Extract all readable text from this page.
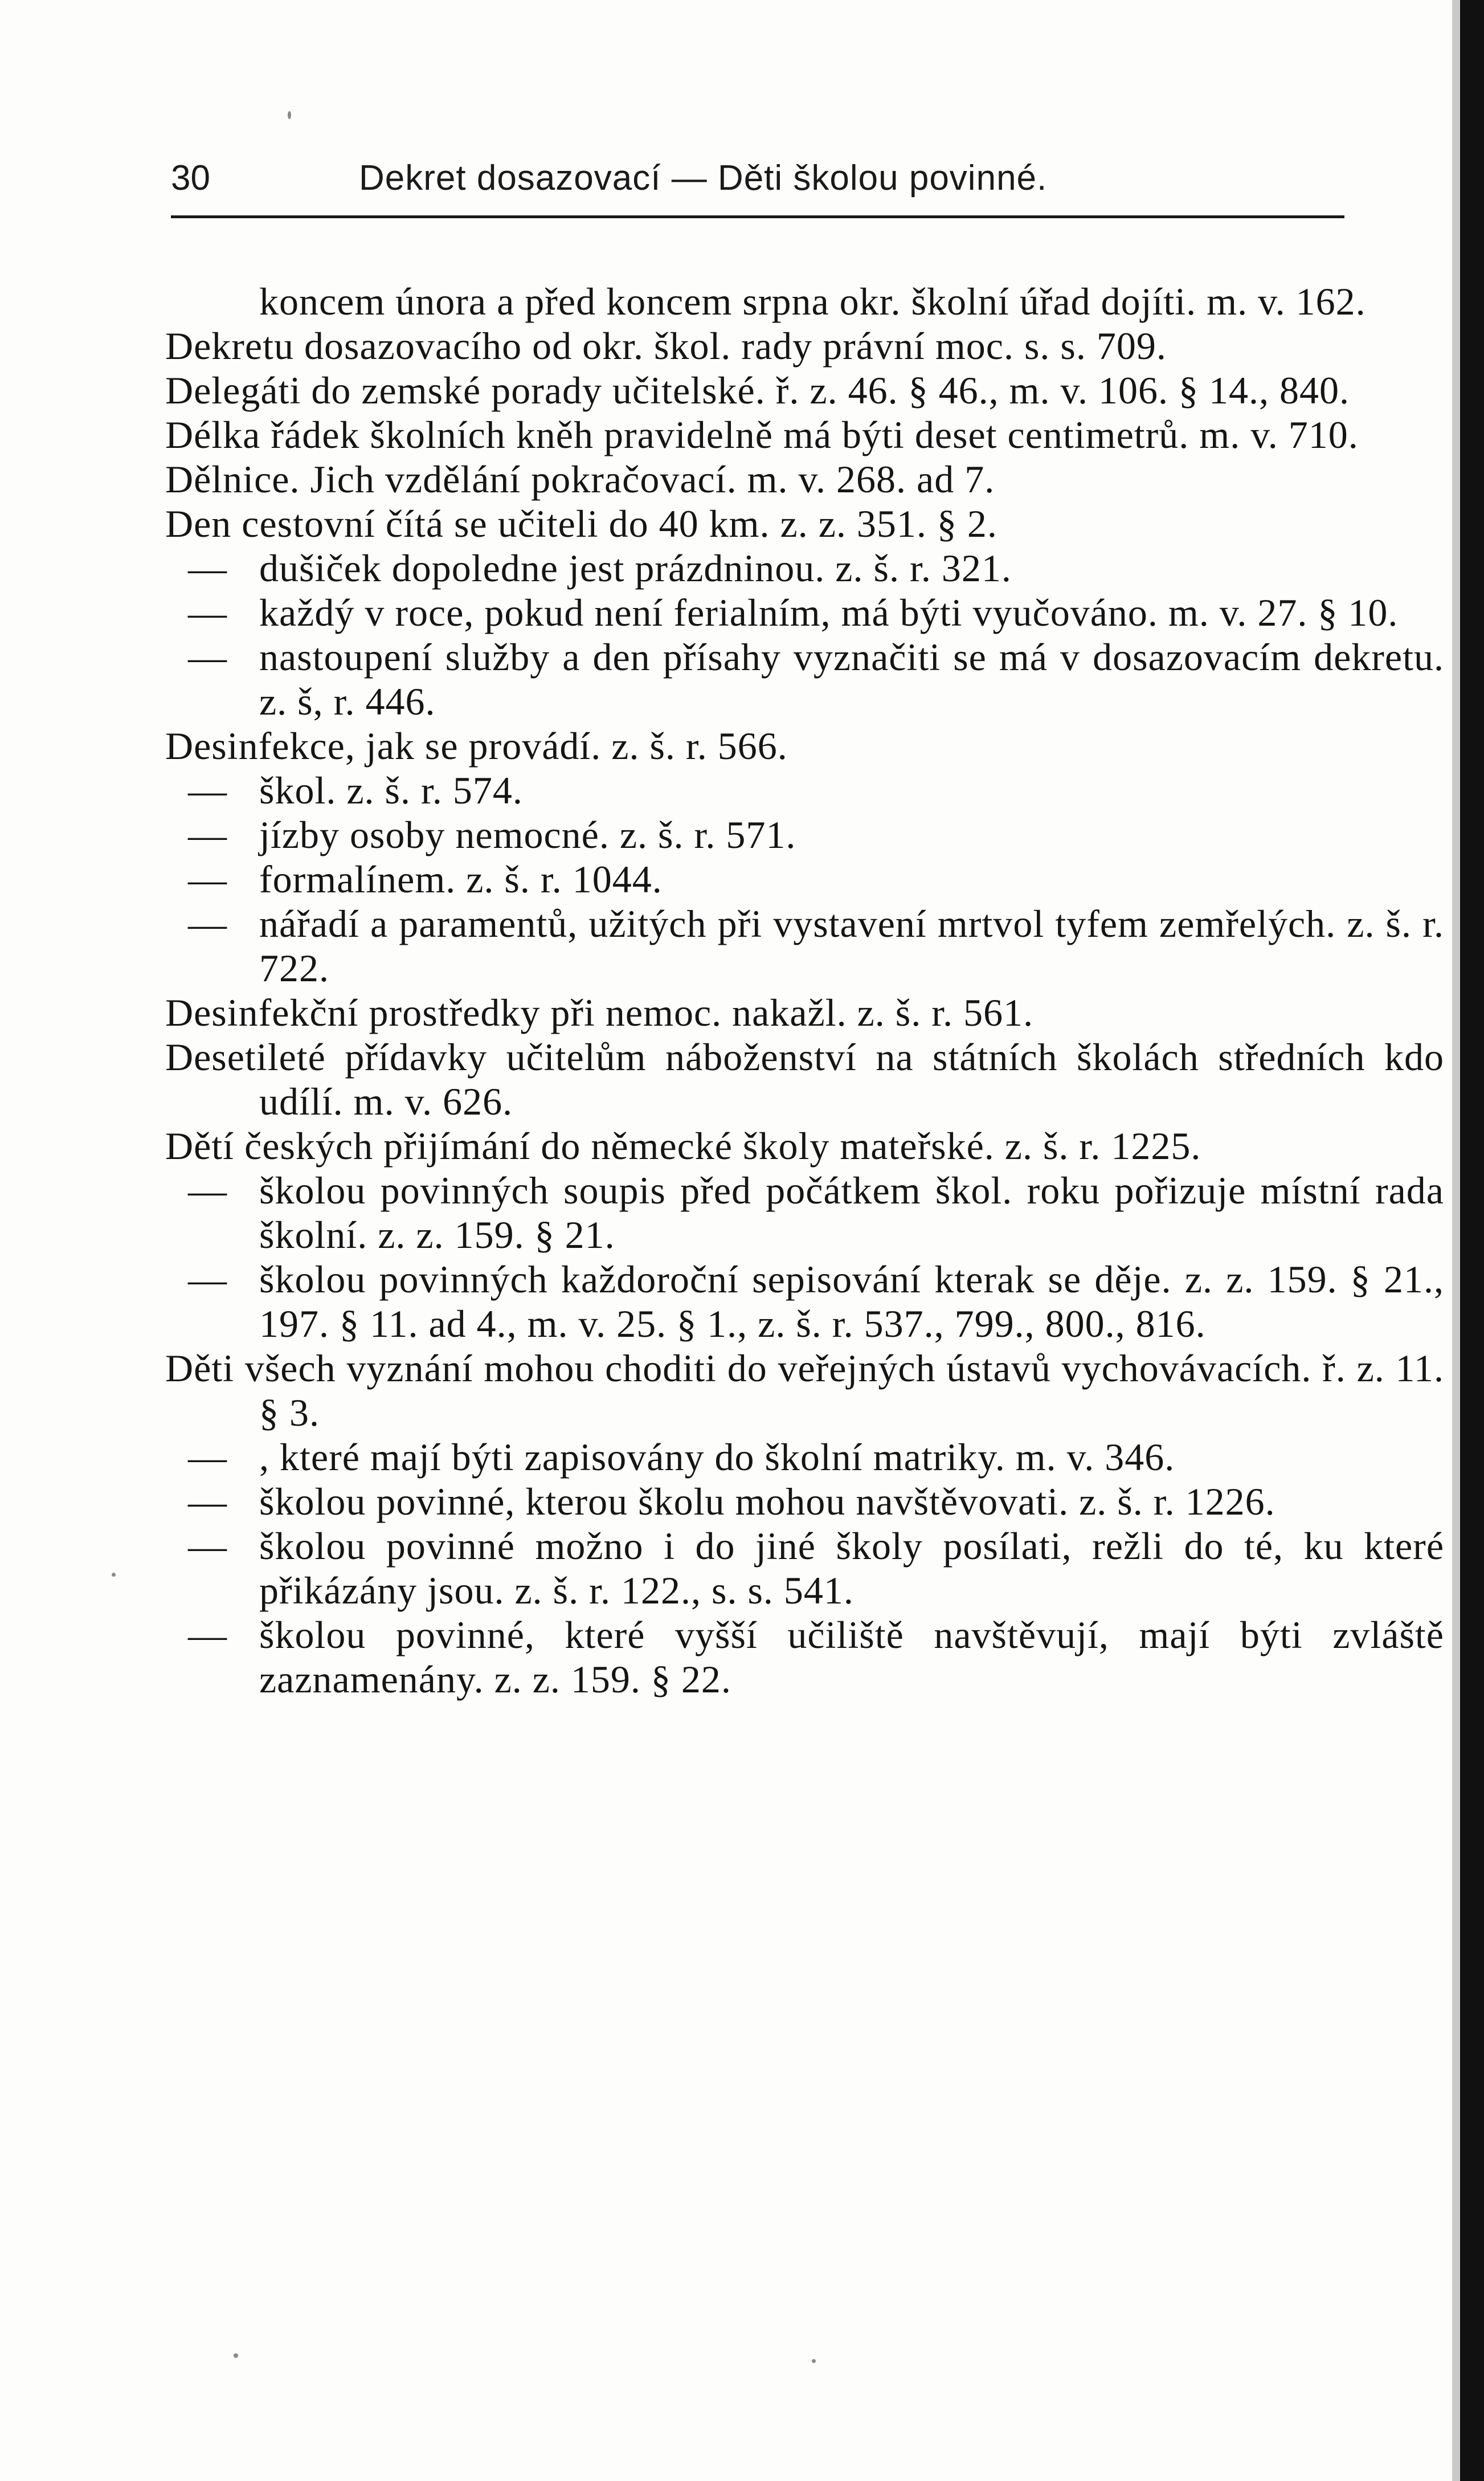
30	Dekret dosazovací — Děti školou povinné.

koncem února a před koncem srpna okr. školní úřad dojíti. m. v. 162.

Dekretu dosazovacího od okr. škol. rady právní moc. s. s. 709.

Delegáti do zemské porady učitelské. ř. z. 46. § 46., m. v. 106. § 14., 840.

Délka řádek školních kněh pravidelně má býti deset centimetrů. m. v. 710.

Dělnice. Jich vzdělání pokračovací. m. v. 268. ad 7.

Den cestovní čítá se učiteli do 40 km. z. z. 351. § 2.

— dušiček dopoledne jest prázdninou. z. š. r. 321.

— každý v roce, pokud není ferialním, má býti vyučováno. m. v. 27. § 10.

— nastoupení služby a den přísahy vyznačiti se má v dosazovacím dekretu. z. š, r. 446.

Desinfekce, jak se provádí. z. š. r. 566.

— škol. z. š. r. 574.

— jízby osoby nemocné. z. š. r. 571.

— formalínem. z. š. r. 1044.

— nářadí a paramentů, užitých při vystavení mrtvol tyfem zemřelých. z. š. r. 722.

Desinfekční prostředky při nemoc. nakažl. z. š. r. 561.

Desetileté přídavky učitelům náboženství na státních školách středních kdo udílí. m. v. 626.

Dětí českých přijímání do německé školy mateřské. z. š. r. 1225.

— školou povinných soupis před počátkem škol. roku pořizuje místní rada školní. z. z. 159. § 21.

— školou povinných každoroční sepisování kterak se děje. z. z. 159. § 21., 197. § 11. ad 4., m. v. 25. § 1., z. š. r. 537., 799., 800., 816.

Děti všech vyznání mohou choditi do veřejných ústavů vychovávacích. ř. z. 11. § 3.

— , které mají býti zapisovány do školní matriky. m. v. 346.

— školou povinné, kterou školu mohou navštěvovati. z. š. r. 1226.

— školou povinné možno i do jiné školy posílati, režli do té, ku které přikázány jsou. z. š. r. 122., s. s. 541.

— školou povinné, které vyšší učiliště navštěvují, mají býti zvláště zaznamenány. z. z. 159. § 22.
